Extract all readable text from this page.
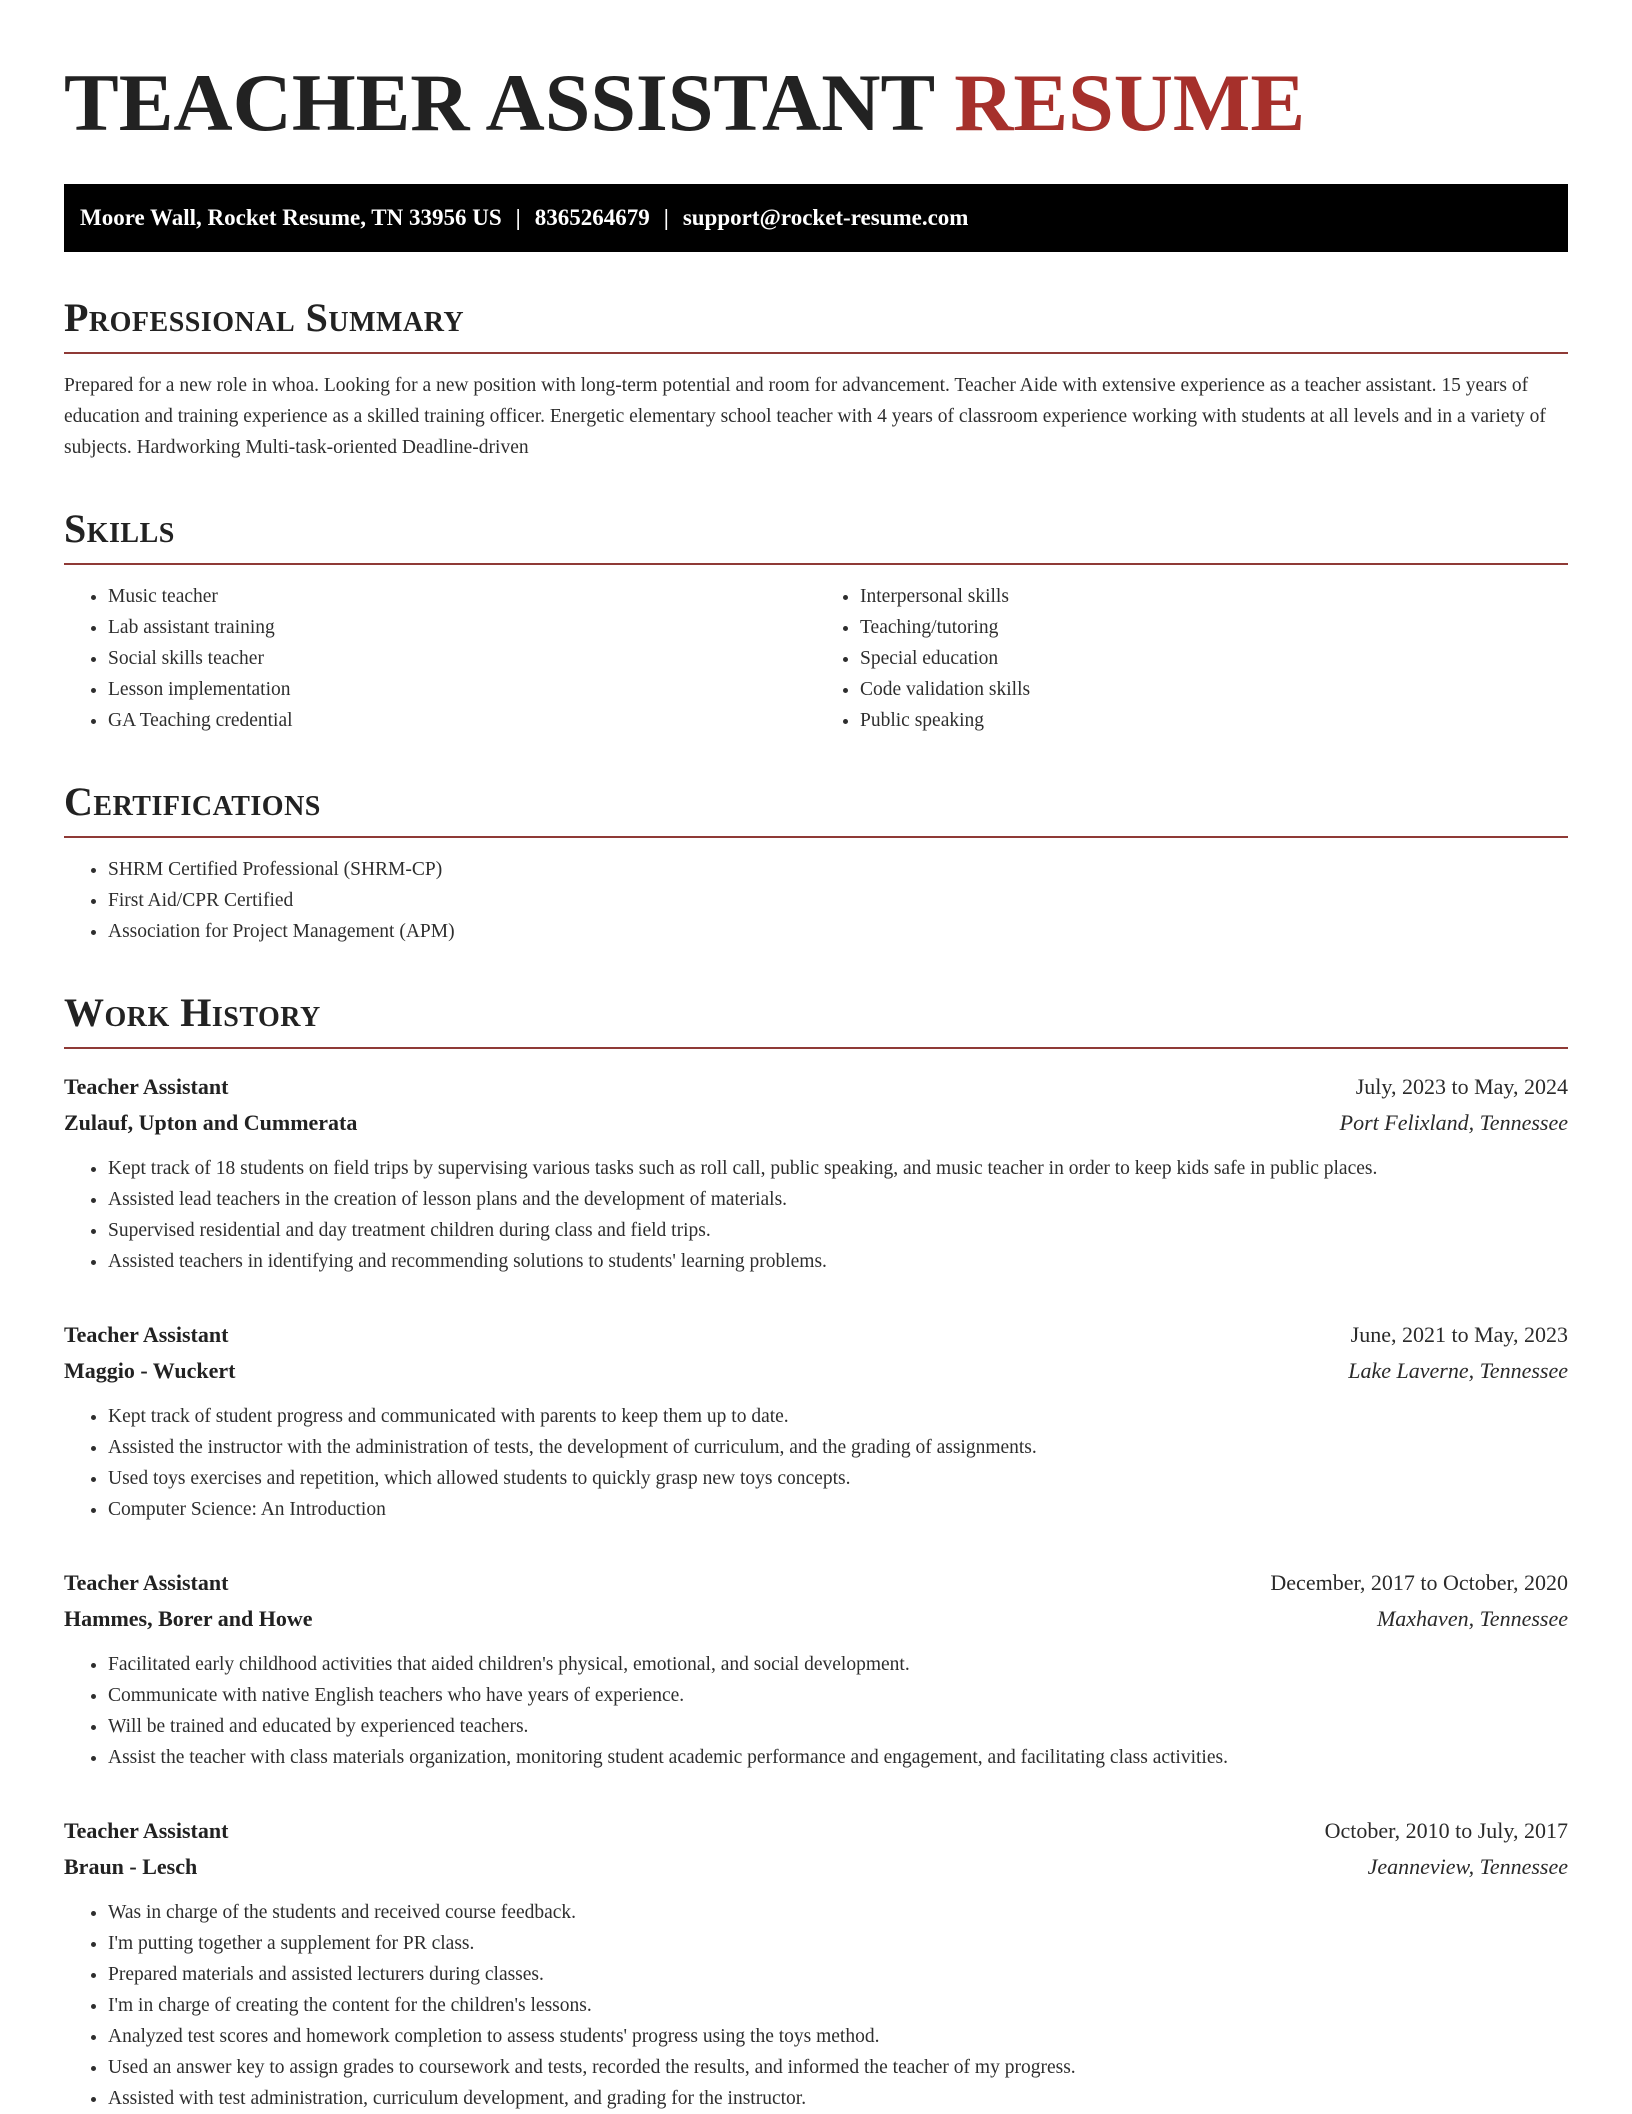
TEACHER ASSISTANT RESUME
Moore Wall, Rocket Resume, TN 33956 US | 8365264679 | support@rocket-resume.com
Professional Summary

Prepared for a new role in whoa. Looking for a new position with long-term potential and room for advancement. Teacher Aide with extensive experience as a teacher assistant. 15 years of education and training experience as a skilled training officer. Energetic elementary school teacher with 4 years of classroom experience working with students at all levels and in a variety of subjects. Hardworking Multi-task-oriented Deadline-driven

Skills
• Music teacher
• Lab assistant training
• Social skills teacher
• Lesson implementation
• GA Teaching credential
• Interpersonal skills
• Teaching/tutoring
• Special education
• Code validation skills
• Public speaking
Certifications
• SHRM Certified Professional (SHRM-CP)
• First Aid/CPR Certified
• Association for Project Management (APM)
Work History
Teacher Assistant	July, 2023 to May, 2024
Zulauf, Upton and Cummerata	Port Felixland, Tennessee
• Kept track of 18 students on field trips by supervising various tasks such as roll call, public speaking, and music teacher in order to keep kids safe in public places.
• Assisted lead teachers in the creation of lesson plans and the development of materials.
• Supervised residential and day treatment children during class and field trips.
• Assisted teachers in identifying and recommending solutions to students' learning problems.
Teacher Assistant	June, 2021 to May, 2023
Maggio - Wuckert	Lake Laverne, Tennessee
• Kept track of student progress and communicated with parents to keep them up to date.
• Assisted the instructor with the administration of tests, the development of curriculum, and the grading of assignments.
• Used toys exercises and repetition, which allowed students to quickly grasp new toys concepts.
• Computer Science: An Introduction
Teacher Assistant	December, 2017 to October, 2020
Hammes, Borer and Howe	Maxhaven, Tennessee
• Facilitated early childhood activities that aided children's physical, emotional, and social development.
• Communicate with native English teachers who have years of experience.
• Will be trained and educated by experienced teachers.
• Assist the teacher with class materials organization, monitoring student academic performance and engagement, and facilitating class activities.
Teacher Assistant	October, 2010 to July, 2017
Braun - Lesch	Jeanneview, Tennessee
• Was in charge of the students and received course feedback.
• I'm putting together a supplement for PR class.
• Prepared materials and assisted lecturers during classes.
• I'm in charge of creating the content for the children's lessons.
• Analyzed test scores and homework completion to assess students' progress using the toys method.
• Used an answer key to assign grades to coursework and tests, recorded the results, and informed the teacher of my progress.
• Assisted with test administration, curriculum development, and grading for the instructor.
